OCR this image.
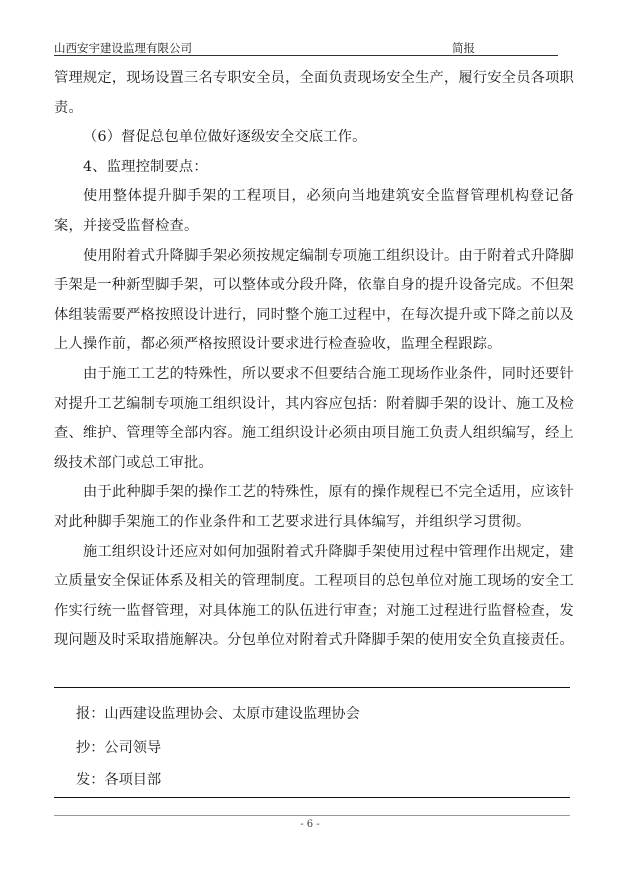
山西安宇建设监理有限公司	简报

管理规定，现场设置三名专职安全员，全面负责现场安全生产，履行安全员各项职责。

（6）督促总包单位做好逐级安全交底工作。

4、监理控制要点：

使用整体提升脚手架的工程项目，必须向当地建筑安全监督管理机构登记备案，并接受监督检查。

使用附着式升降脚手架必须按规定编制专项施工组织设计。由于附着式升降脚手架是一种新型脚手架，可以整体或分段升降，依靠自身的提升设备完成。不但架体组装需要严格按照设计进行，同时整个施工过程中，在每次提升或下降之前以及上人操作前，都必须严格按照设计要求进行检查验收，监理全程跟踪。

由于施工工艺的特殊性，所以要求不但要结合施工现场作业条件，同时还要针对提升工艺编制专项施工组织设计，其内容应包括：附着脚手架的设计、施工及检查、维护、管理等全部内容。施工组织设计必须由项目施工负责人组织编写，经上级技术部门或总工审批。

由于此种脚手架的操作工艺的特殊性，原有的操作规程已不完全适用，应该针对此种脚手架施工的作业条件和工艺要求进行具体编写，并组织学习贯彻。

施工组织设计还应对如何加强附着式升降脚手架使用过程中管理作出规定，建立质量安全保证体系及相关的管理制度。工程项目的总包单位对施工现场的安全工作实行统一监督管理，对具体施工的队伍进行审查；对施工过程进行监督检查，发现问题及时采取措施解决。分包单位对附着式升降脚手架的使用安全负直接责任。

报：山西建设监理协会、太原市建设监理协会
抄：公司领导
发：各项目部
- 6 -
